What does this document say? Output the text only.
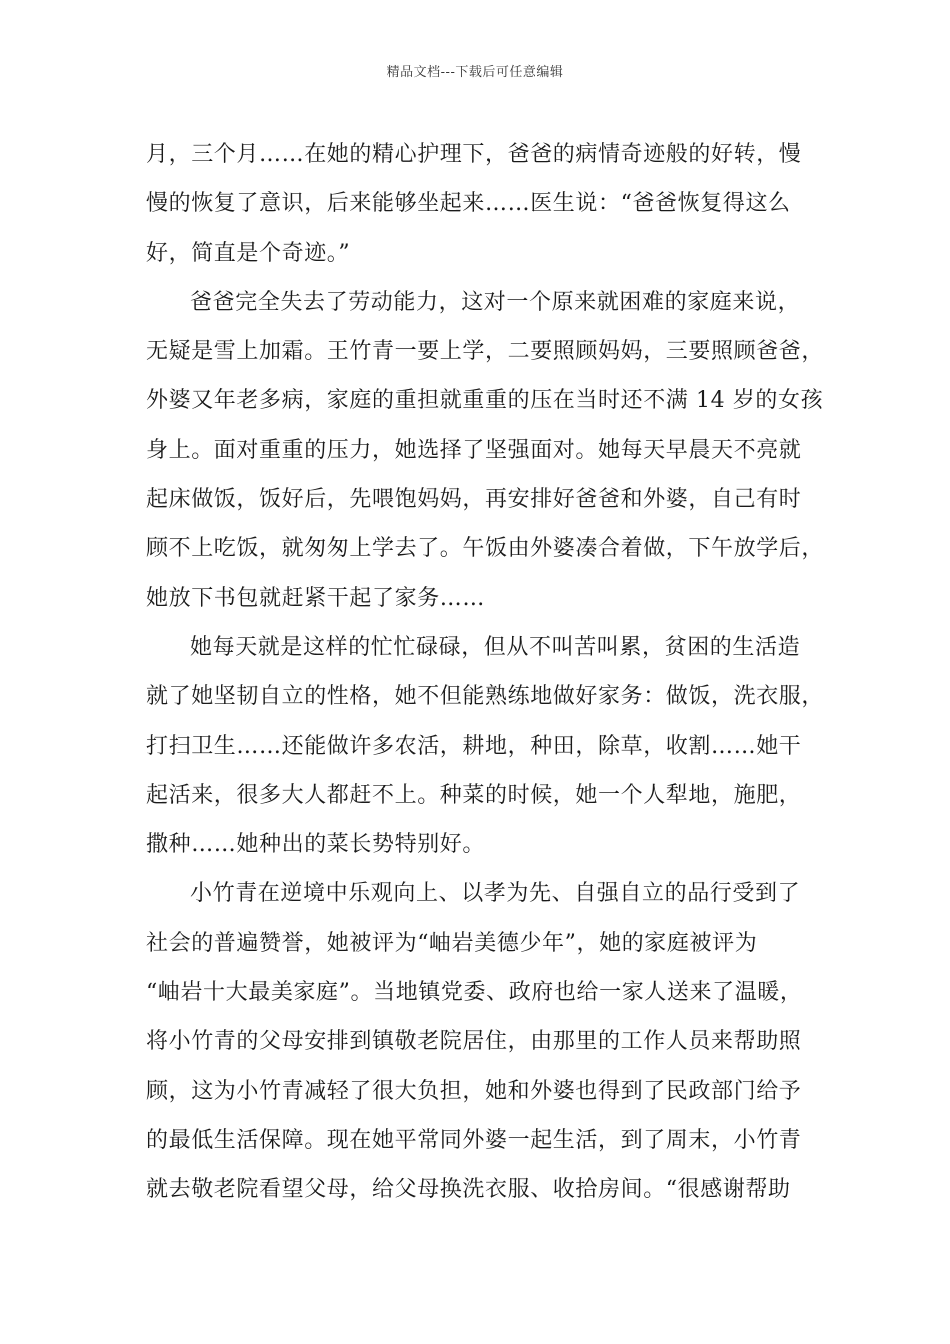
精品文档---下载后可任意编辑
月，三个月……在她的精心护理下，爸爸的病情奇迹般的好转，慢
慢的恢复了意识，后来能够坐起来……医生说：“爸爸恢复得这么
好，简直是个奇迹。”
爸爸完全失去了劳动能力，这对一个原来就困难的家庭来说，
无疑是雪上加霜。王竹青一要上学，二要照顾妈妈，三要照顾爸爸，
外婆又年老多病，家庭的重担就重重的压在当时还不满 14 岁的女孩
身上。面对重重的压力，她选择了坚强面对。她每天早晨天不亮就
起床做饭，饭好后，先喂饱妈妈，再安排好爸爸和外婆，自己有时
顾不上吃饭，就匆匆上学去了。午饭由外婆凑合着做，下午放学后，
她放下书包就赶紧干起了家务……
她每天就是这样的忙忙碌碌，但从不叫苦叫累，贫困的生活造
就了她坚韧自立的性格，她不但能熟练地做好家务：做饭，洗衣服，
打扫卫生……还能做许多农活，耕地，种田，除草，收割……她干
起活来，很多大人都赶不上。种菜的时候，她一个人犁地，施肥，
撒种……她种出的菜长势特别好。
小竹青在逆境中乐观向上、以孝为先、自强自立的品行受到了
社会的普遍赞誉，她被评为“岫岩美德少年”，她的家庭被评为
“岫岩十大最美家庭”。当地镇党委、政府也给一家人送来了温暖，
将小竹青的父母安排到镇敬老院居住，由那里的工作人员来帮助照
顾，这为小竹青减轻了很大负担，她和外婆也得到了民政部门给予
的最低生活保障。现在她平常同外婆一起生活，到了周末，小竹青
就去敬老院看望父母，给父母换洗衣服、收拾房间。“很感谢帮助
